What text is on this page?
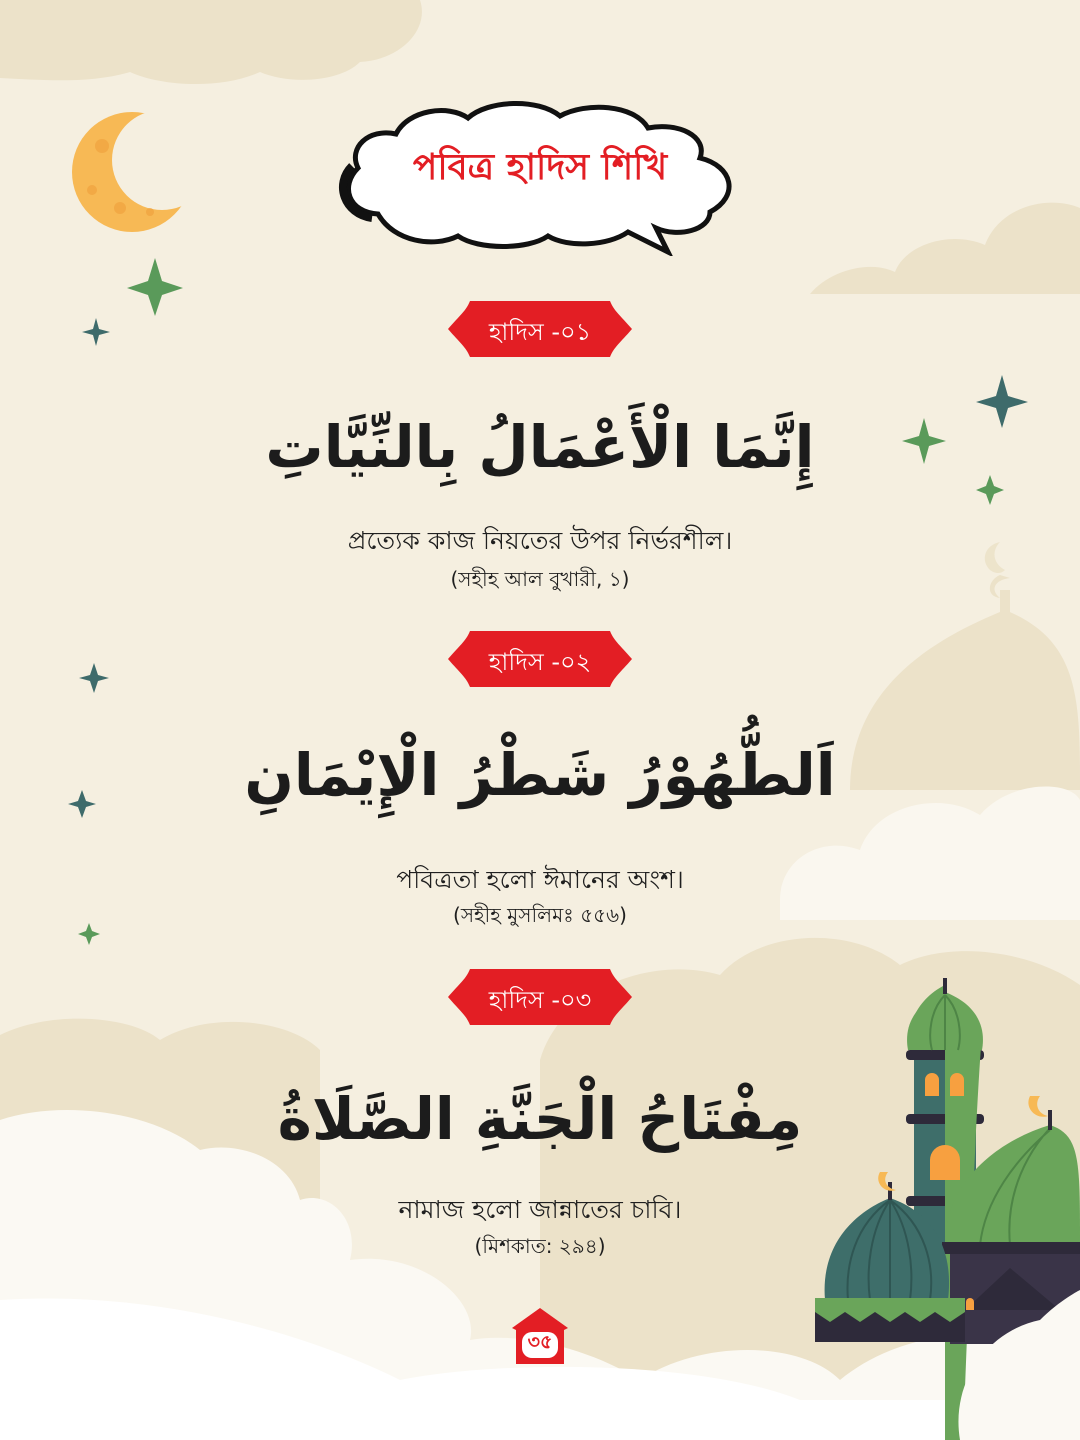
পবিত্র হাদিস শিখি
হাদিস -০১
إِنَّمَا الْأَعْمَالُ بِالنِّيَّاتِ
প্রত্যেক কাজ নিয়তের উপর নির্ভরশীল।
(সহীহ আল বুখারী, ১)
হাদিস -০২
اَلطُّهُوْرُ شَطْرُ الْإِيْمَانِ
পবিত্রতা হলো ঈমানের অংশ।
(সহীহ মুসলিমঃ ৫৫৬)
হাদিস -০৩
مِفْتَاحُ الْجَنَّةِ الصَّلَاةُ
নামাজ হলো জান্নাতের চাবি।
(মিশকাত: ২৯৪)
৩৫
